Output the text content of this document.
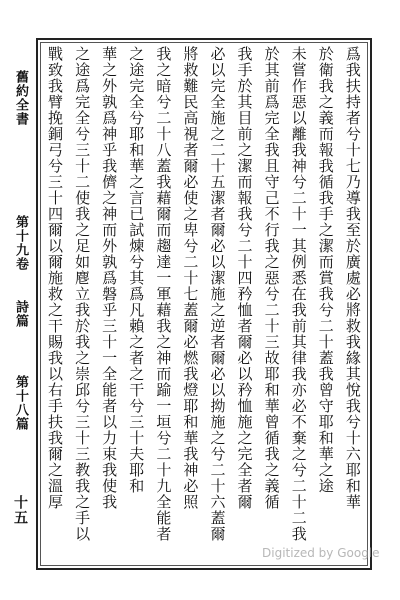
舊約全書
第十九卷
詩篇
第十八篇
十五	爲我扶持者兮十七乃導我至於廣處必將救我緣其悅我兮十六耶和華
於衛我之義而報我循我手之潔而賞我兮二十蓋我曾守耶和華之途
未嘗作惡以離我神兮二十一其例悉在我前其律我亦必不棄之兮二十二我
於其前爲完全我且守己不行我之惡兮二十三故耶和華曾循我之義循
我手於其目前之潔而報我兮二十四矜恤者爾必以矜恤施之完全者爾
必以完全施之二十五潔者爾必以潔施之逆者爾必以拗施之兮二十六蓋爾
將救難民高視者爾必使之卑兮二十七蓋爾必燃我燈耶和華我神必照
我之暗兮二十八蓋我藉爾而趨達一軍藉我之神而踰一垣兮二十九全能者
之途完全兮耶和華之言已試煉兮其爲凡賴之者之干兮三十夫耶和
華之外孰爲神乎我儕之神而外孰爲磐乎三十一全能者以力束我使我
之途爲完全兮三十二使我之足如麀立我於我之崇邱兮三十三教我之手以
戰致我臂挽銅弓兮三十四爾以爾施救之干賜我以右手扶我爾之溫厚
Digitized by Google
